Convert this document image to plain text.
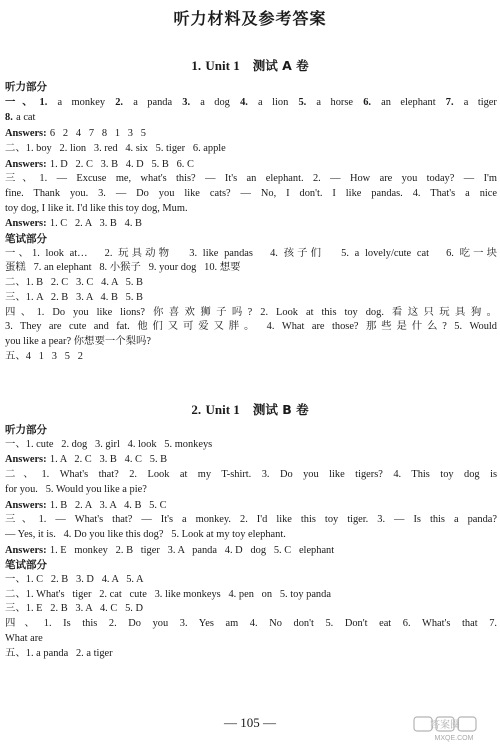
听力材料及参考答案
1. Unit 1 测试 A 卷
听力部分
一、1. a monkey 2. a panda 3. a dog 4. a lion 5. a horse 6. an elephant 7. a tiger
8. a cat
Answers: 6   2   4   7   8   1   3   5
二、1. boy   2. lion   3. red   4. six   5. tiger   6. apple
Answers: 1. D   2. C   3. B   4. D   5. B   6. C
三、1. — Excuse me, what's this? — It's an elephant. 2. — How are you today? — I'm
fine. Thank you. 3. — Do you like cats? — No, I don't. I like pandas. 4. That's a nice
toy dog, I like it. I'd like this toy dog, Mum.
Answers: 1. C   2. A   3. B   4. B
笔试部分
一、1. look at…   2. 玩具动物   3. like pandas   4. 孩子们   5. a lovely/cute cat   6. 吃一块
蛋糕   7. an elephant   8. 小猴子   9. your dog   10. 想要
二、1. B   2. C   3. C   4. A   5. B
三、1. A   2. B   3. A   4. B   5. B
四、1. Do you like lions? 你喜欢狮子吗? 2. Look at this toy dog. 看这只玩具狗。
3. They are cute and fat. 他们又可爱又胖。 4. What are those? 那些是什么? 5. Would
you like a pear? 你想要一个梨吗?
五、4   1   3   5   2
2. Unit 1 测试 B 卷
听力部分
一、1. cute   2. dog   3. girl   4. look   5. monkeys
Answers: 1. A   2. C   3. B   4. C   5. B
二、1. What's that? 2. Look at my T-shirt. 3. Do you like tigers? 4. This toy dog is
for you.   5. Would you like a pie?
Answers: 1. B   2. A   3. A   4. B   5. C
三、1. — What's that? — It's a monkey. 2. I'd like this toy tiger. 3. — Is this a panda?
— Yes, it is.   4. Do you like this dog?   5. Look at my toy elephant.
Answers: 1. E   monkey   2. B   tiger   3. A   panda   4. D   dog   5. C   elephant
笔试部分
一、1. C   2. B   3. D   4. A   5. A
二、1. What's   tiger   2. cat   cute   3. like monkeys   4. pen   on   5. toy panda
三、1. E   2. B   3. A   4. C   5. D
四、1. Is this 2. Do you 3. Yes am 4. No don't 5. Don't eat 6. What's that 7.
What are
五、1. a panda   2. a tiger
— 105 —
MXQE.COM
答案圈
